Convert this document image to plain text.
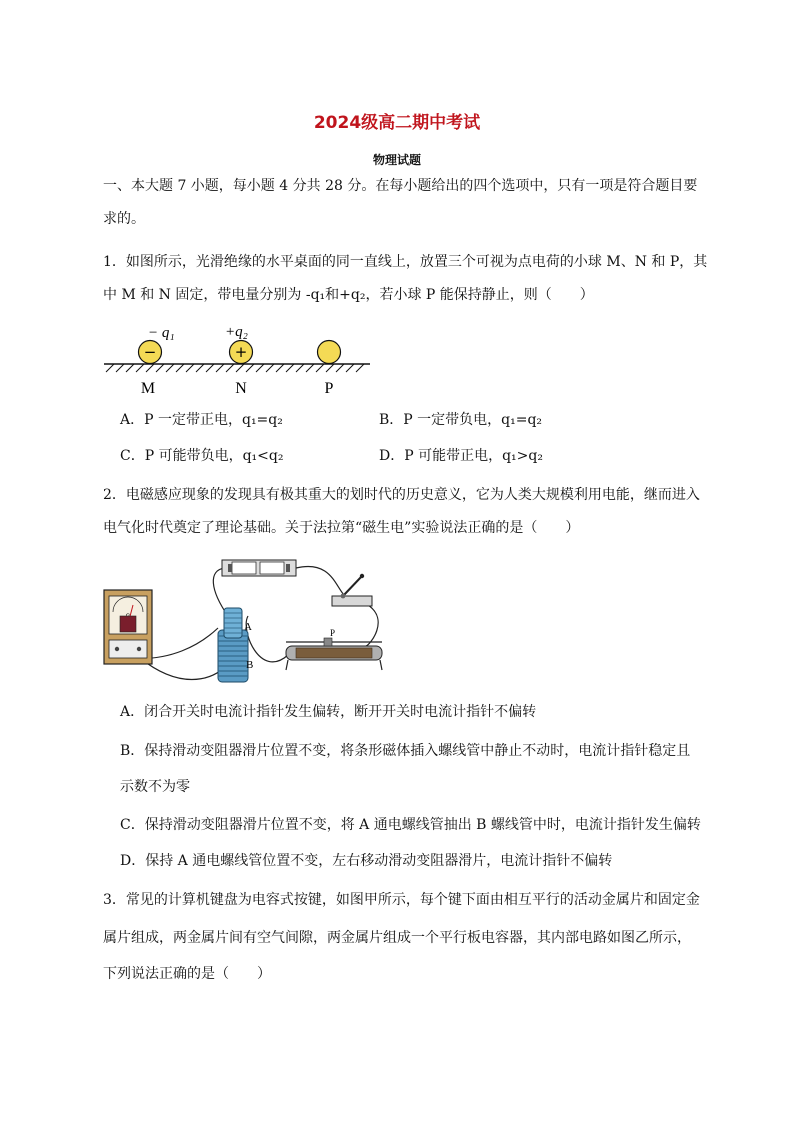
2024级高二期中考试
物理试题
一、本大题 7 小题，每小题 4 分共 28 分。在每小题给出的四个选项中，只有一项是符合题目要
求的。
1．如图所示，光滑绝缘的水平桌面的同一直线上，放置三个可视为点电荷的小球 M、N 和 P，其
中 M 和 N 固定，带电量分别为 -q₁和+q₂，若小球 P 能保持静止，则（　　）
−	+
− q₁	+q₂
M	N	P
A．P 一定带正电，q₁=q₂	B．P 一定带负电，q₁=q₂
C．P 可能带负电，q₁<q₂	D．P 可能带正电，q₁>q₂
2．电磁感应现象的发现具有极其重大的划时代的历史意义，它为人类大规模利用电能，继而进入
电气化时代奠定了理论基础。关于法拉第“磁生电”实验说法正确的是（　　）
A
B
P
A．闭合开关时电流计指针发生偏转，断开开关时电流计指针不偏转
B．保持滑动变阻器滑片位置不变，将条形磁体插入螺线管中静止不动时，电流计指针稳定且
示数不为零
C．保持滑动变阻器滑片位置不变，将 A 通电螺线管抽出 B 螺线管中时，电流计指针发生偏转
D．保持 A 通电螺线管位置不变，左右移动滑动变阻器滑片，电流计指针不偏转
3．常见的计算机键盘为电容式按键，如图甲所示，每个键下面由相互平行的活动金属片和固定金
属片组成，两金属片间有空气间隙，两金属片组成一个平行板电容器，其内部电路如图乙所示，
下列说法正确的是（　　）
